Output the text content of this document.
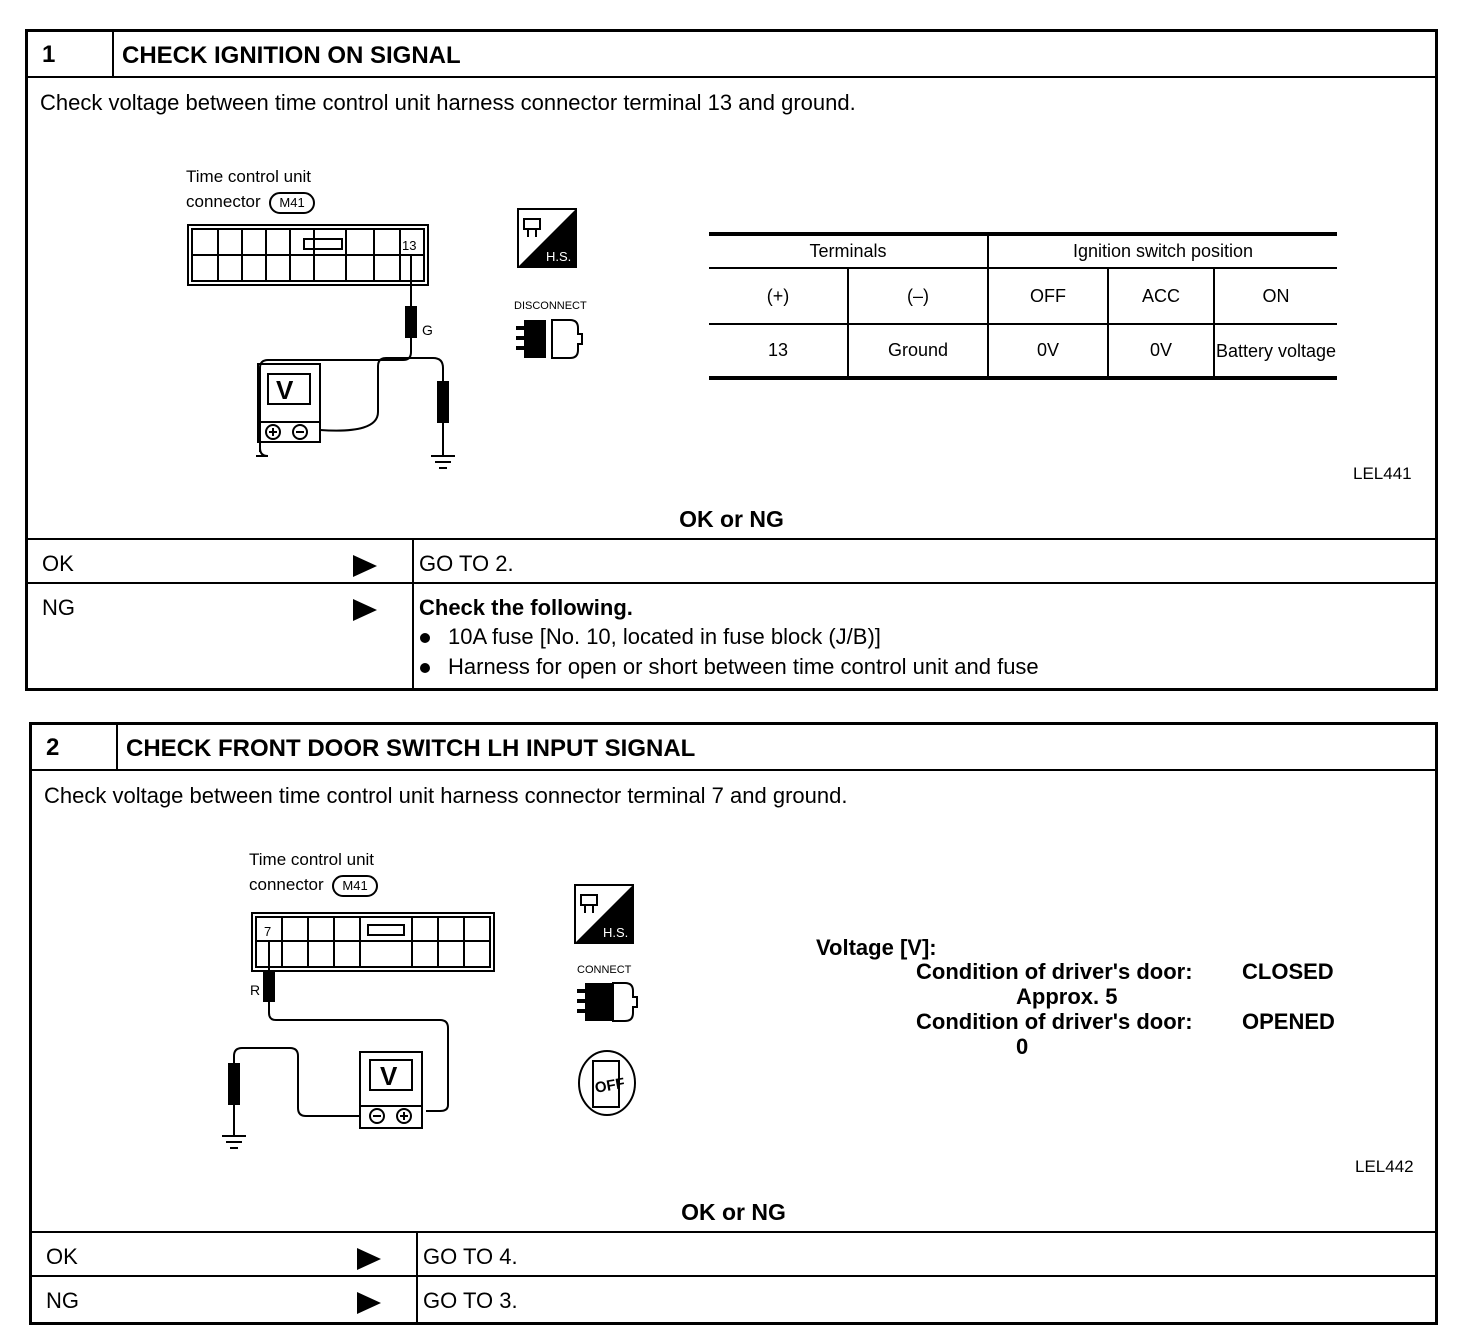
1	CHECK IGNITION ON SIGNAL
Check voltage between time control unit harness connector terminal 13 and ground.
Time control unit
connector M41
13
G
V
H.S.
DISCONNECT
Terminals		Ignition switch position		
(+)	(–)	OFF	ACC	ON
13	Ground	0V	0V	Battery voltage
LEL441
OK or NG
OK	GO TO 2.
NG	Check the following.
10A fuse [No. 10, located in fuse block (J/B)]
Harness for open or short between time control unit and fuse
2	CHECK FRONT DOOR SWITCH LH INPUT SIGNAL
Check voltage between time control unit harness connector terminal 7 and ground.
Time control unit
connector M41
7
R
V
H.S.
CONNECT
OFF
Voltage [V]:
Condition of driver's door: CLOSED
Approx. 5
Condition of driver's door: OPENED
0
LEL442
OK or NG
OK	GO TO 4.
NG	GO TO 3.
